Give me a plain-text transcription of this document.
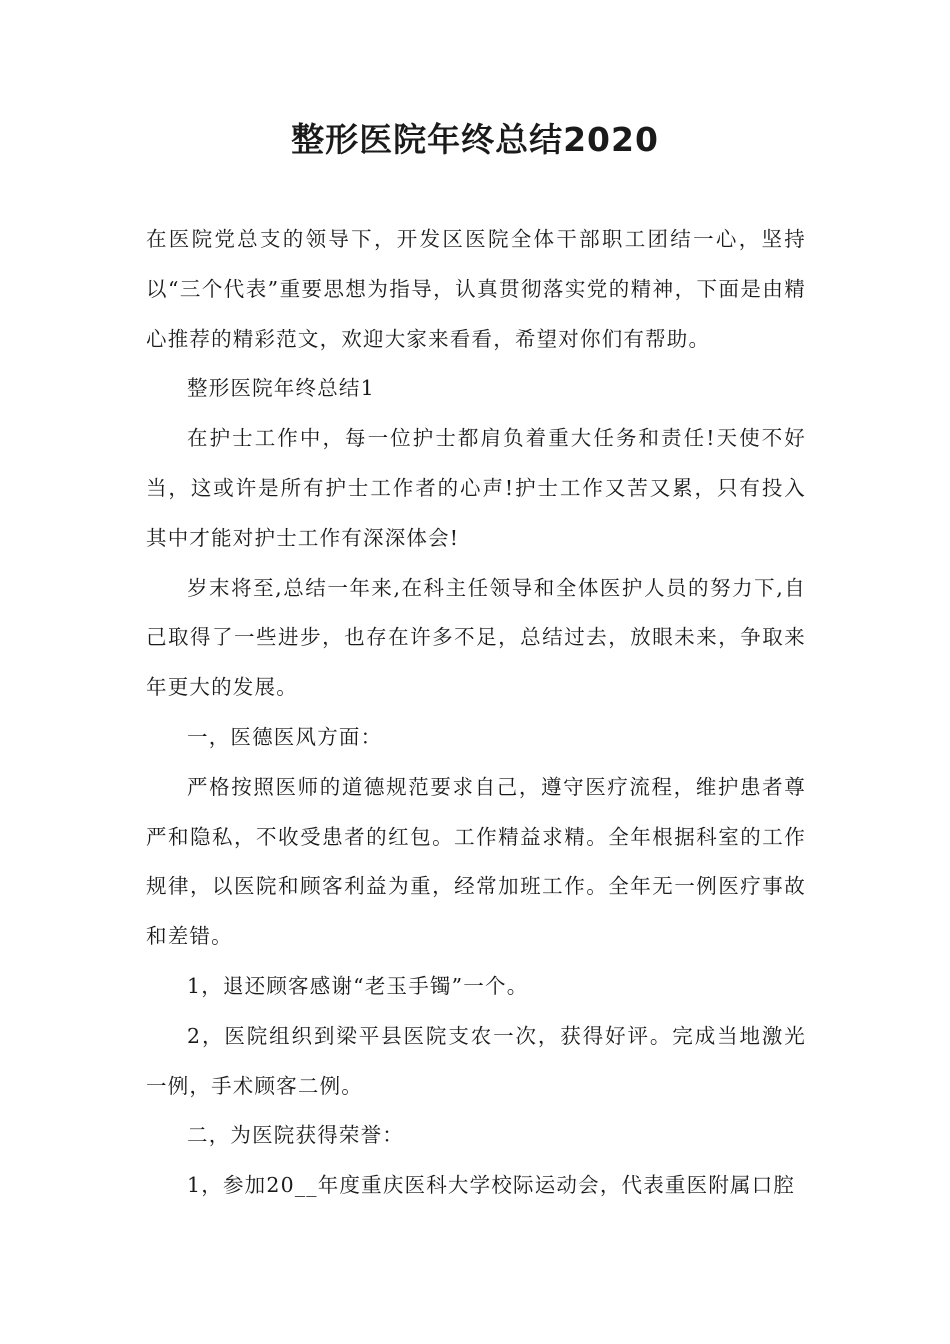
整形医院年终总结2020

在医院党总支的领导下，开发区医院全体干部职工团结一心，坚持以“三个代表”重要思想为指导，认真贯彻落实党的精神，下面是由精心推荐的精彩范文，欢迎大家来看看，希望对你们有帮助。

整形医院年终总结1

在护士工作中，每一位护士都肩负着重大任务和责任!天使不好当，这或许是所有护士工作者的心声!护士工作又苦又累，只有投入其中才能对护士工作有深深体会!

岁末将至,总结一年来,在科主任领导和全体医护人员的努力下,自己取得了一些进步，也存在许多不足，总结过去，放眼未来，争取来年更大的发展。

一，医德医风方面：

严格按照医师的道德规范要求自己，遵守医疗流程，维护患者尊严和隐私，不收受患者的红包。工作精益求精。全年根据科室的工作规律，以医院和顾客利益为重，经常加班工作。全年无一例医疗事故和差错。

1，退还顾客感谢“老玉手镯”一个。

2，医院组织到梁平县医院支农一次，获得好评。完成当地激光一例，手术顾客二例。

二，为医院获得荣誉：

1，参加20__年度重庆医科大学校际运动会，代表重医附属口腔
